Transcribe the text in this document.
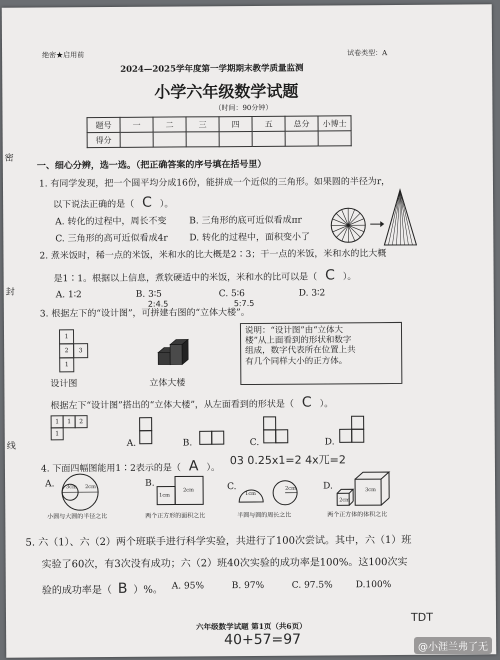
绝密★启用前	试卷类型：A
2024—2025学年度第一学期期末教学质量监测
小学六年级数学试题
（时间：90分钟）
题号	一	二	三	四	五	总分	小博士
得分							
密
封
线
一、细心分辨，选一选。（把正确答案的序号填在括号里）
1. 有同学发现，把一个圆平均分成16份，能拼成一个近似的三角形。如果圆的半径为r，
以下说法正确的是（ C ）。
A. 转化的过程中，周长不变	B. 三角形的底可近似看成πr
C. 三角形的高可近似看成4r D. 转化的过程中，面积变小了
2. 煮米饭时，稀一点的米饭，米和水的比大概是2∶3；干一点的米饭，米和水的比大概
是1∶1。根据以上信息，煮软硬适中的米饭，米和水的比可以是（ C ）。
A. 1∶2	B. 3∶5	C. 5∶6	D. 3∶2
2:4.5	5:7.5
3. 根据左下的“设计图”，可拼建右图的“立体大楼”。
说明：“设计图”由“立体大
楼”从上面看到的形状和数字
组成，数字代表所在位置上共
有几个同样大小的正方体。
1
2	3
1
设计图	立体大楼
根据左下“设计图”搭出的“立体大楼”，从左面看到的形状是（ C ）。
1	1	2
1
A.	B.	C.	D.
4. 下面四幅图能用1∶2表示的是（ A ）。
03 0.25x1=2 4x兀=2
A. 3cm 2cm
小圆与大圆的半径之比
B.
1cm
2cm
两个正方形的面积之比
C.
1cm
2cm
半圆与圆的周长之比
D.
2cm
3cm
两个正方体的体积之比
5. 六（1）、六（2）两个班联手进行科学实验，共进行了100次尝试。其中，六（1）班
实验了60次，有3次没有成功；六（2）班40次实验的成功率是100%。这100次实
验的成功率是（ B ）%。 A. 95%	B. 97%	C. 97.5%	D.100%
六年级数学试题 第1页（共6页）
40+57=97
TDT
@小涯兰弗了无
